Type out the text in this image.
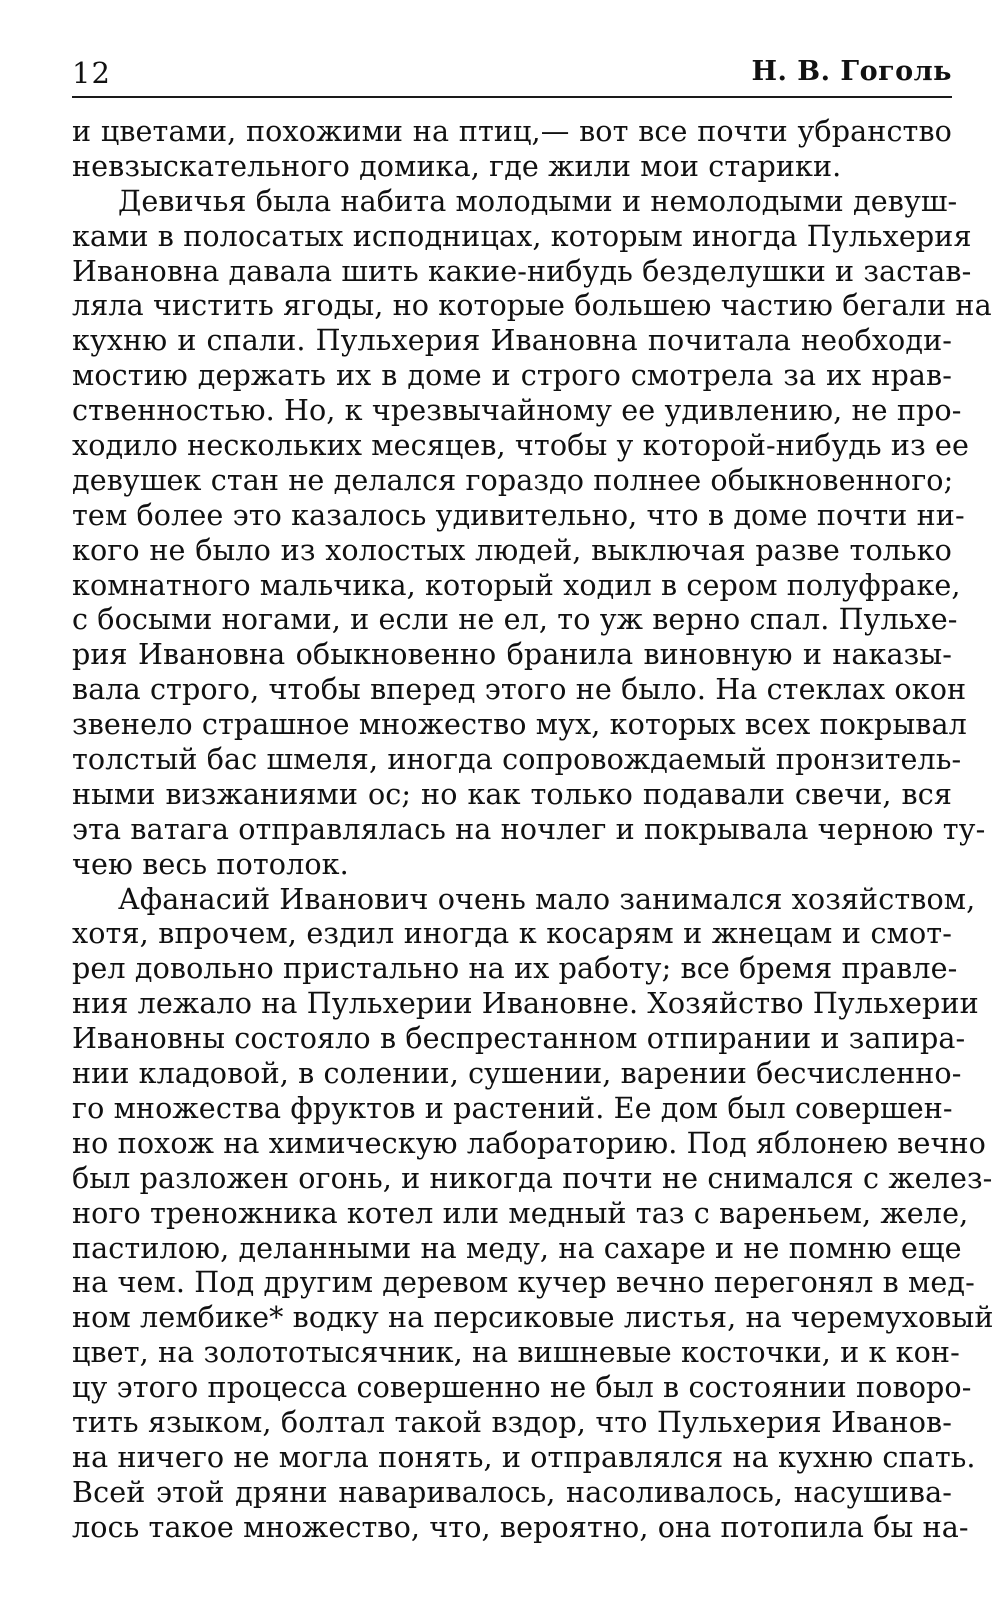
12	Н. В. Гоголь
и цветами, похожими на птиц,— вот все почти убранство
невзыскательного домика, где жили мои старики.
Девичья была набита молодыми и немолодыми девуш-
ками в полосатых исподницах, которым иногда Пульхерия
Ивановна давала шить какие-нибудь безделушки и застав-
ляла чистить ягоды, но которые большею частию бегали на
кухню и спали. Пульхерия Ивановна почитала необходи-
мостию держать их в доме и строго смотрела за их нрав-
ственностью. Но, к чрезвычайному ее удивлению, не про-
ходило нескольких месяцев, чтобы у которой-нибудь из ее
девушек стан не делался гораздо полнее обыкновенного;
тем более это казалось удивительно, что в доме почти ни-
кого не было из холостых людей, выключая разве только
комнатного мальчика, который ходил в сером полуфраке,
с босыми ногами, и если не ел, то уж верно спал. Пульхе-
рия Ивановна обыкновенно бранила виновную и наказы-
вала строго, чтобы вперед этого не было. На стеклах окон
звенело страшное множество мух, которых всех покрывал
толстый бас шмеля, иногда сопровождаемый пронзитель-
ными визжаниями ос; но как только подавали свечи, вся
эта ватага отправлялась на ночлег и покрывала черною ту-
чею весь потолок.
Афанасий Иванович очень мало занимался хозяйством,
хотя, впрочем, ездил иногда к косарям и жнецам и смот-
рел довольно пристально на их работу; все бремя правле-
ния лежало на Пульхерии Ивановне. Хозяйство Пульхерии
Ивановны состояло в беспрестанном отпирании и запира-
нии кладовой, в солении, сушении, варении бесчисленно-
го множества фруктов и растений. Ее дом был совершен-
но похож на химическую лабораторию. Под яблонею вечно
был разложен огонь, и никогда почти не снимался с желез-
ного треножника котел или медный таз с вареньем, желе,
пастилою, деланными на меду, на сахаре и не помню еще
на чем. Под другим деревом кучер вечно перегонял в мед-
ном лембике* водку на персиковые листья, на черемуховый
цвет, на золототысячник, на вишневые косточки, и к кон-
цу этого процесса совершенно не был в состоянии поворо-
тить языком, болтал такой вздор, что Пульхерия Иванов-
на ничего не могла понять, и отправлялся на кухню спать.
Всей этой дряни наваривалось, насоливалось, насушива-
лось такое множество, что, вероятно, она потопила бы на-
